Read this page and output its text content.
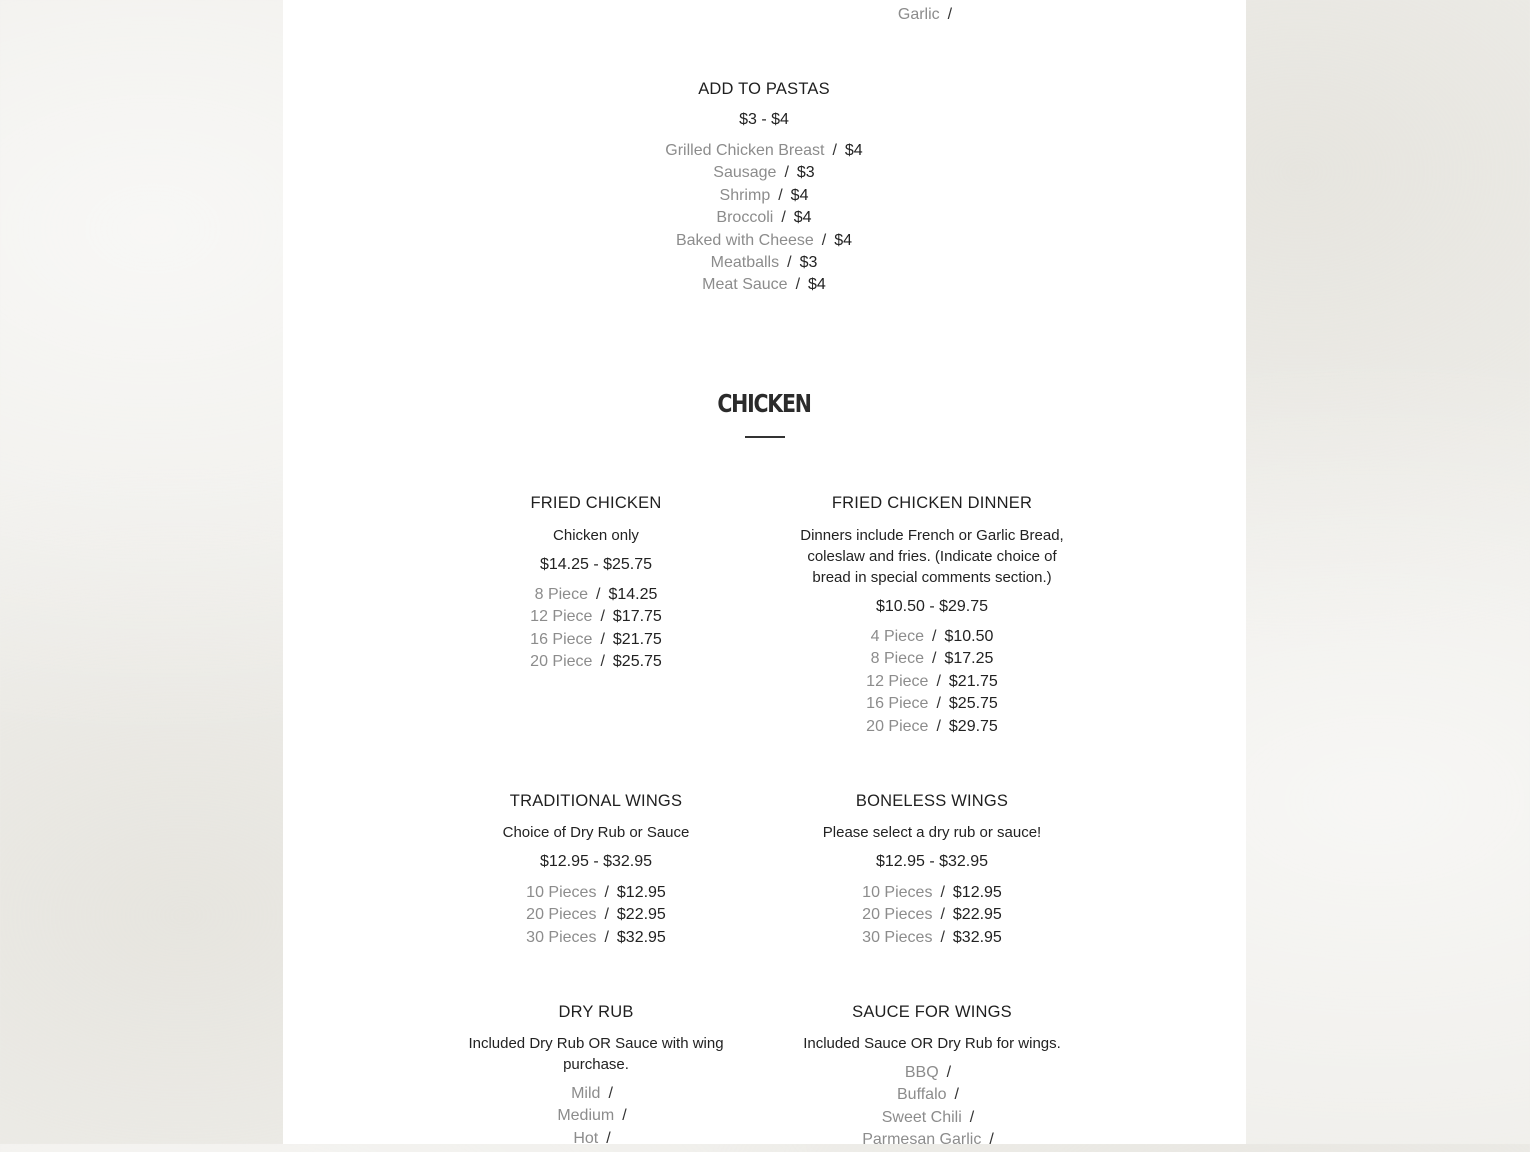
Garlic /
ADD TO PASTAS
$3 - $4
Grilled Chicken Breast / $4
Sausage / $3
Shrimp / $4
Broccoli / $4
Baked with Cheese / $4
Meatballs / $3
Meat Sauce / $4
CHICKEN
FRIED CHICKEN
Chicken only
$14.25 - $25.75
8 Piece / $14.25
12 Piece / $17.75
16 Piece / $21.75
20 Piece / $25.75
FRIED CHICKEN DINNER
Dinners include French or Garlic Bread,
coleslaw and fries. (Indicate choice of
bread in special comments section.)
$10.50 - $29.75
4 Piece / $10.50
8 Piece / $17.25
12 Piece / $21.75
16 Piece / $25.75
20 Piece / $29.75
TRADITIONAL WINGS
Choice of Dry Rub or Sauce
$12.95 - $32.95
10 Pieces / $12.95
20 Pieces / $22.95
30 Pieces / $32.95
BONELESS WINGS
Please select a dry rub or sauce!
$12.95 - $32.95
10 Pieces / $12.95
20 Pieces / $22.95
30 Pieces / $32.95
DRY RUB
Included Dry Rub OR Sauce with wing
purchase.
Mild /
Medium /
Hot /
SAUCE FOR WINGS
Included Sauce OR Dry Rub for wings.
BBQ /
Buffalo /
Sweet Chili /
Parmesan Garlic /
